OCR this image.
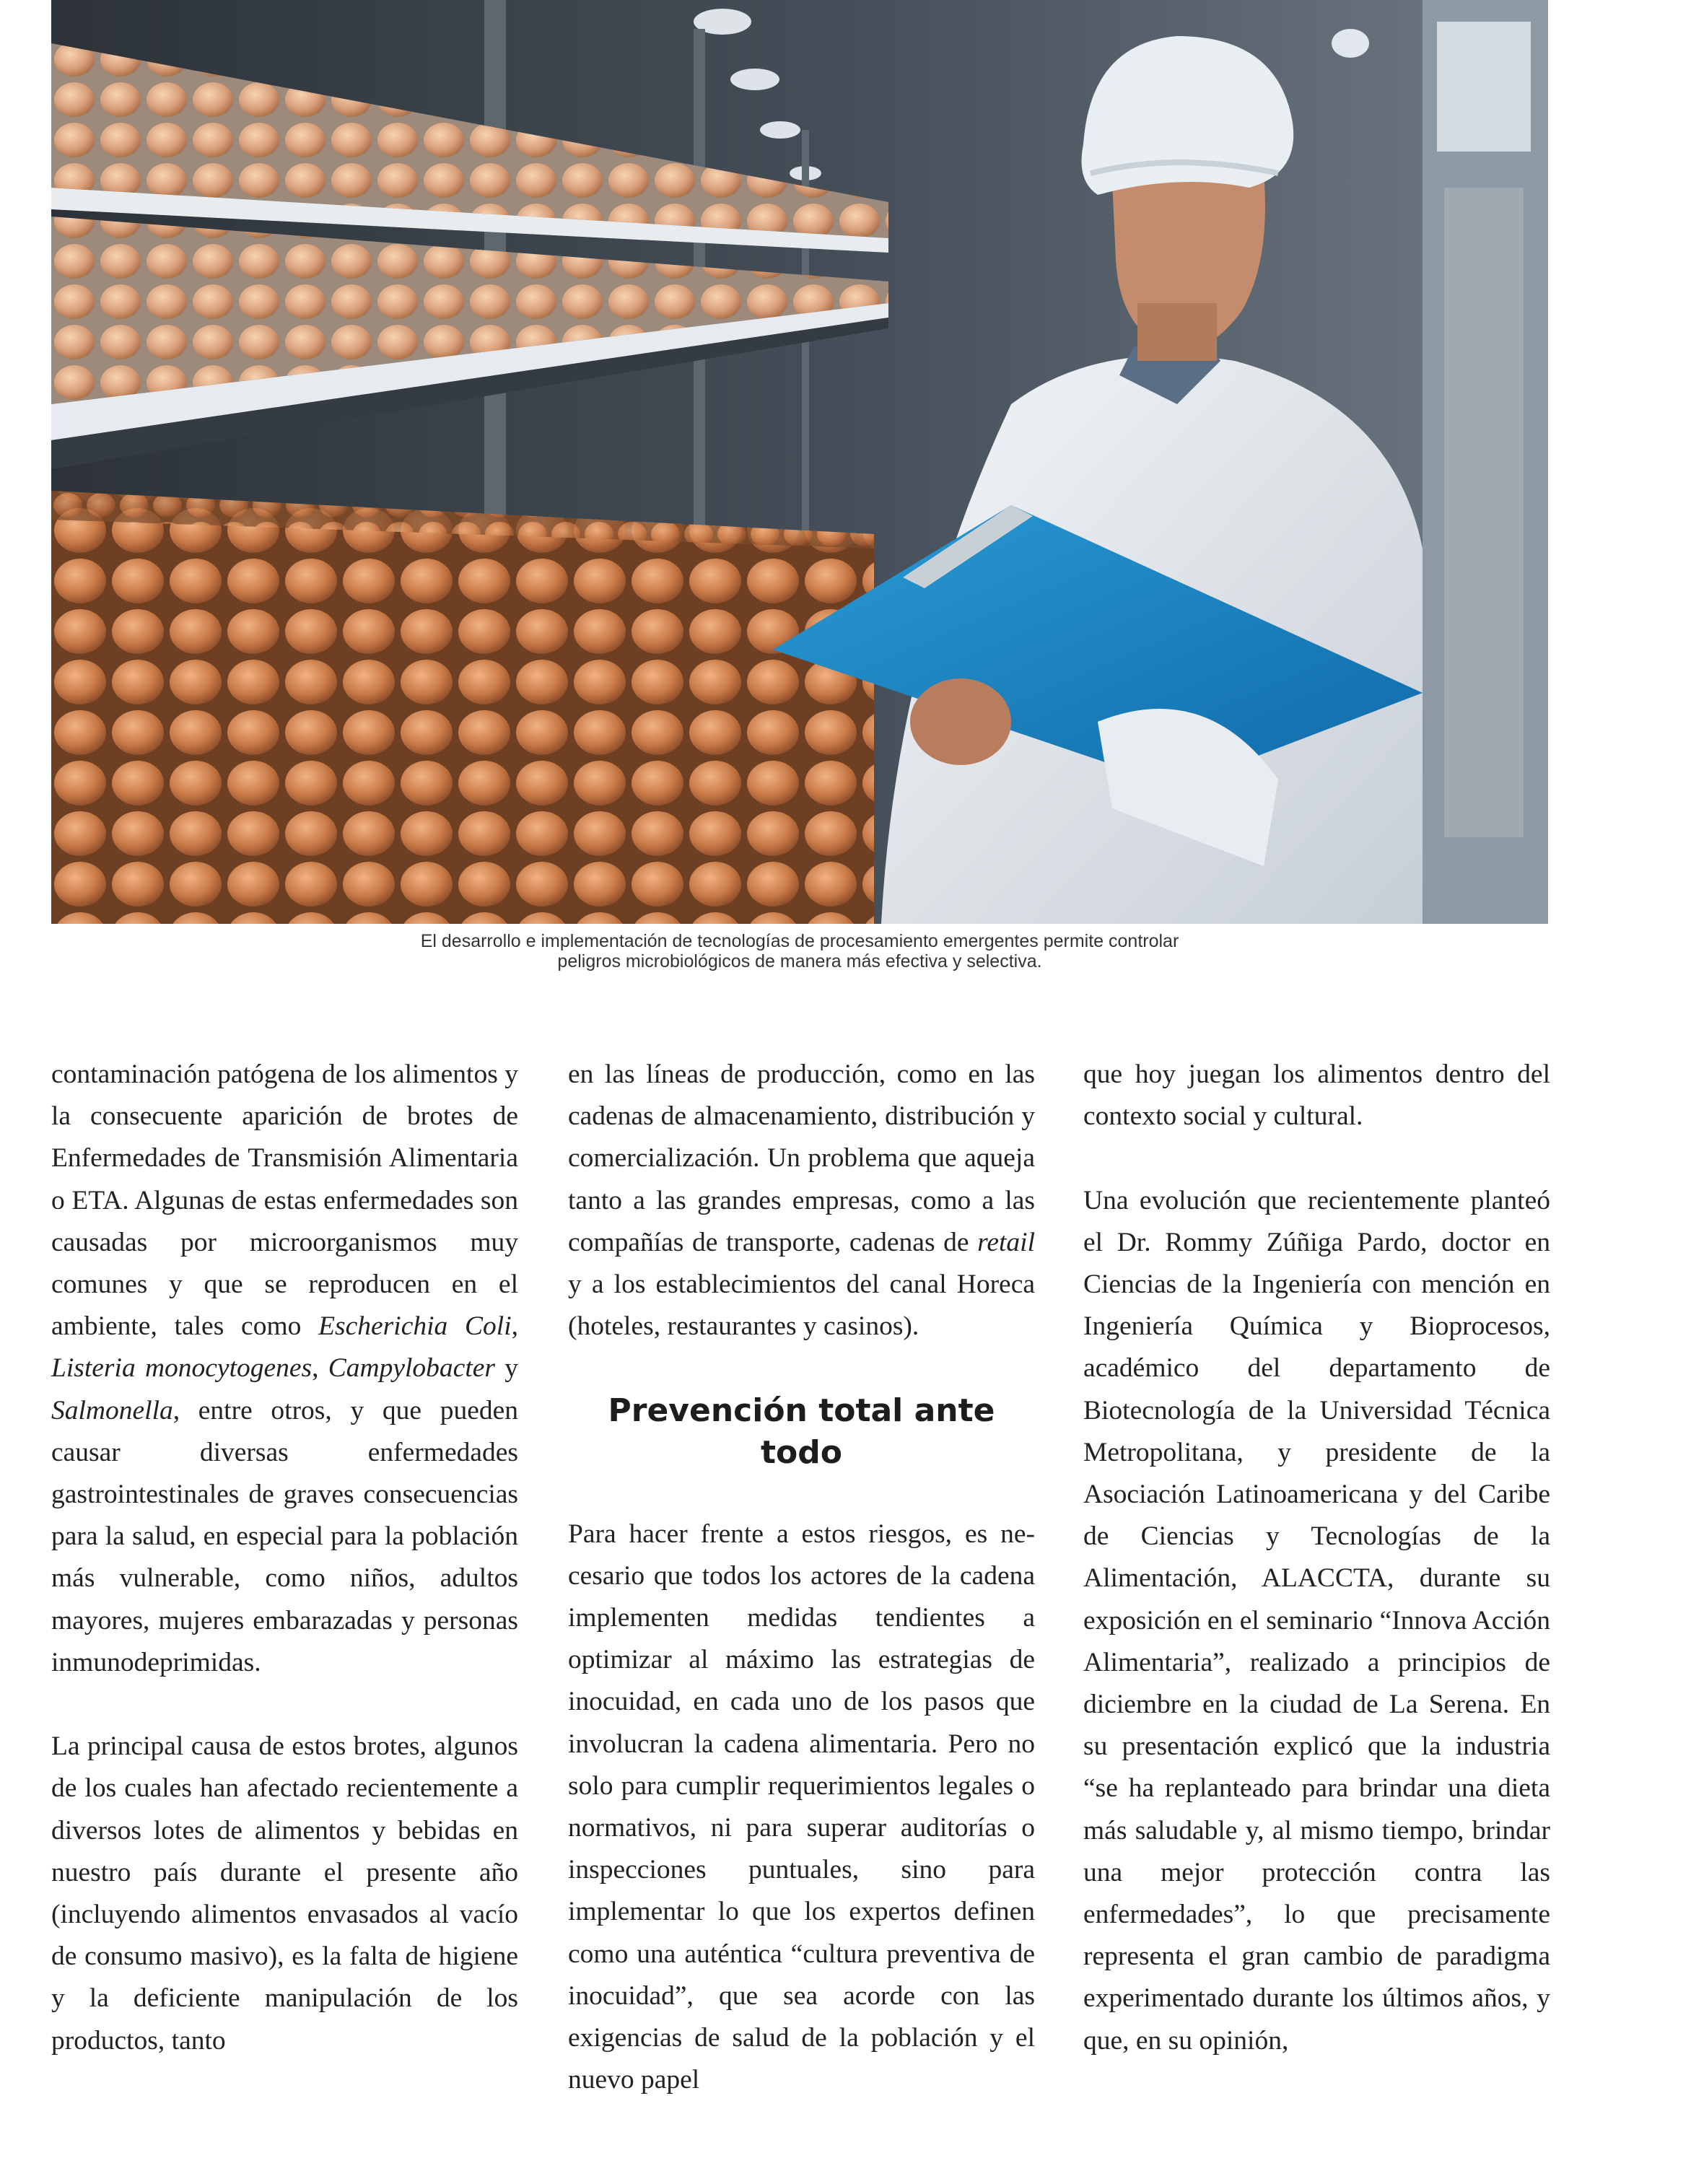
El desarrollo e implementación de tecnologías de procesamiento emergentes permite controlar
peligros microbiológicos de manera más efectiva y selectiva.

contaminación patógena de los alimentos y la consecuente aparición de brotes de Enfermedades de Transmisión Alimentaria o ETA. Algunas de estas enfermedades son causadas por microorganismos muy comunes y que se reproducen en el ambiente, tales como Escherichia Coli, Listeria monocytogenes, Campylobacter y Salmonella, entre otros, y que pueden causar diversas enfermedades gastrointestinales de graves consecuencias para la salud, en especial para la población más vulnerable, como niños, adultos mayores, mujeres embarazadas y personas inmunodeprimidas.

La principal causa de estos brotes, algunos de los cuales han afectado recientemente a diversos lotes de alimentos y bebidas en nuestro país durante el presente año (incluyendo alimentos envasados al vacío de consumo masivo), es la falta de higiene y la deficiente manipulación de los productos, tanto

en las líneas de producción, como en las cadenas de almacenamiento, distribución y comercialización. Un problema que aqueja tanto a las grandes empresas, como a las compañías de transporte, cadenas de retail y a los establecimientos del canal Horeca (hoteles, restaurantes y casinos).

Prevención total ante todo

Para hacer frente a estos riesgos, es necesario que todos los actores de la cadena implementen medidas tendientes a optimizar al máximo las estrategias de inocuidad, en cada uno de los pasos que involucran la cadena alimentaria. Pero no solo para cumplir requerimientos legales o normativos, ni para superar auditorías o inspecciones puntuales, sino para implementar lo que los expertos definen como una auténtica “cultura preventiva de inocuidad”, que sea acorde con las exigencias de salud de la población y el nuevo papel

que hoy juegan los alimentos dentro del contexto social y cultural.

Una evolución que recientemente planteó el Dr. Rommy Zúñiga Pardo, doctor en Ciencias de la Ingeniería con mención en Ingeniería Química y Bioprocesos, académico del departamento de Biotecnología de la Universidad Técnica Metropolitana, y presidente de la Asociación Latinoamericana y del Caribe de Ciencias y Tecnologías de la Alimentación, ALACCTA, durante su exposición en el seminario “Innova Acción Alimentaria”, realizado a principios de diciembre en la ciudad de La Serena. En su presentación explicó que la industria “se ha replanteado para brindar una dieta más saludable y, al mismo tiempo, brindar una mejor protección contra las enfermedades”, lo que precisamente representa el gran cambio de paradigma experimentado durante los últimos años, y que, en su opinión,
